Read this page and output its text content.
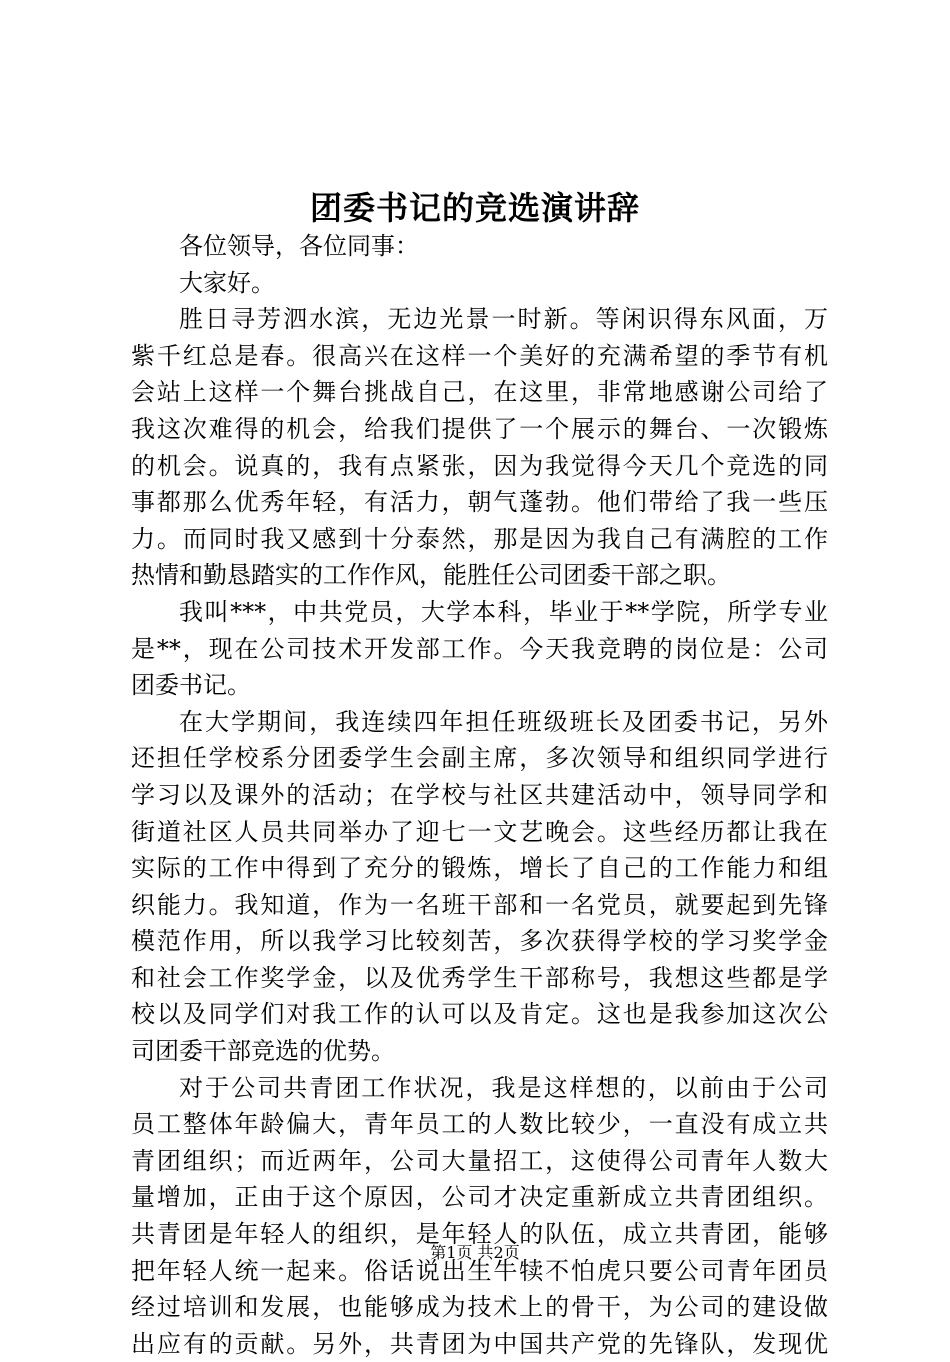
团委书记的竞选演讲辞
各位领导，各位同事：
大家好。
胜日寻芳泗水滨，无边光景一时新。等闲识得东风面，万
紫千红总是春。很高兴在这样一个美好的充满希望的季节有机
会站上这样一个舞台挑战自己，在这里，非常地感谢公司给了
我这次难得的机会，给我们提供了一个展示的舞台、一次锻炼
的机会。说真的，我有点紧张，因为我觉得今天几个竞选的同
事都那么优秀年轻，有活力，朝气蓬勃。他们带给了我一些压
力。而同时我又感到十分泰然，那是因为我自己有满腔的工作
热情和勤恳踏实的工作作风，能胜任公司团委干部之职。
我叫***，中共党员，大学本科，毕业于**学院，所学专业
是**，现在公司技术开发部工作。今天我竞聘的岗位是：公司
团委书记。
在大学期间，我连续四年担任班级班长及团委书记，另外
还担任学校系分团委学生会副主席，多次领导和组织同学进行
学习以及课外的活动；在学校与社区共建活动中，领导同学和
街道社区人员共同举办了迎七一文艺晚会。这些经历都让我在
实际的工作中得到了充分的锻炼，增长了自己的工作能力和组
织能力。我知道，作为一名班干部和一名党员，就要起到先锋
模范作用，所以我学习比较刻苦，多次获得学校的学习奖学金
和社会工作奖学金，以及优秀学生干部称号，我想这些都是学
校以及同学们对我工作的认可以及肯定。这也是我参加这次公
司团委干部竞选的优势。
对于公司共青团工作状况，我是这样想的，以前由于公司
员工整体年龄偏大，青年员工的人数比较少，一直没有成立共
青团组织；而近两年，公司大量招工，这使得公司青年人数大
量增加，正由于这个原因，公司才决定重新成立共青团组织。
共青团是年轻人的组织，是年轻人的队伍，成立共青团，能够
把年轻人统一起来。俗话说出生牛犊不怕虎只要公司青年团员
经过培训和发展，也能够成为技术上的骨干，为公司的建设做
出应有的贡献。另外，共青团为中国共产党的先锋队，发现优
第1页 共2页
